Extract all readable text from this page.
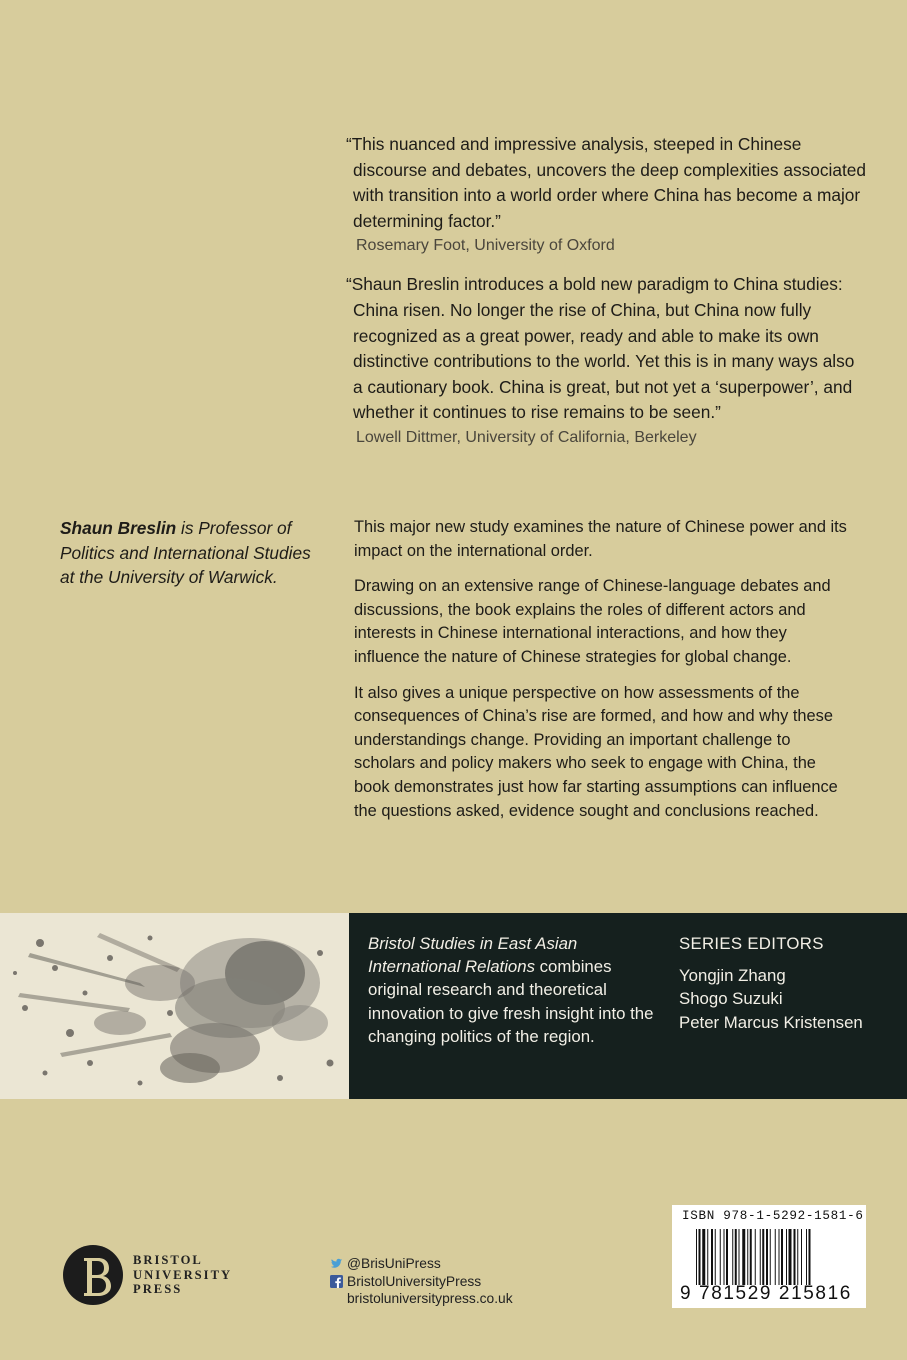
“This nuanced and impressive analysis, steeped in Chinese discourse and debates, uncovers the deep complexities associated with transition into a world order where China has become a major determining factor.”
Rosemary Foot, University of Oxford
“Shaun Breslin introduces a bold new paradigm to China studies: China risen. No longer the rise of China, but China now fully recognized as a great power, ready and able to make its own distinctive contributions to the world. Yet this is in many ways also a cautionary book. China is great, but not yet a ‘superpower’, and whether it continues to rise remains to be seen.”
Lowell Dittmer, University of California, Berkeley
Shaun Breslin is Professor of Politics and International Studies at the University of Warwick.

This major new study examines the nature of Chinese power and its impact on the international order.

Drawing on an extensive range of Chinese-language debates and discussions, the book explains the roles of different actors and interests in Chinese international interactions, and how they influence the nature of Chinese strategies for global change.

It also gives a unique perspective on how assessments of the consequences of China’s rise are formed, and how and why these understandings change. Providing an important challenge to scholars and policy makers who seek to engage with China, the book demonstrates just how far starting assumptions can influence the questions asked, evidence sought and conclusions reached.

Bristol Studies in East Asian International Relations combines original research and theoretical innovation to give fresh insight into the changing politics of the region.
SERIES EDITORS
Yongjin Zhang
Shogo Suzuki
Peter Marcus Kristensen
BRISTOL
UNIVERSITY
PRESS
@BrisUniPress
BristolUniversityPress
bristoluniversitypress.co.uk
ISBN 978-1-5292-1581-6
9 781529 215816
